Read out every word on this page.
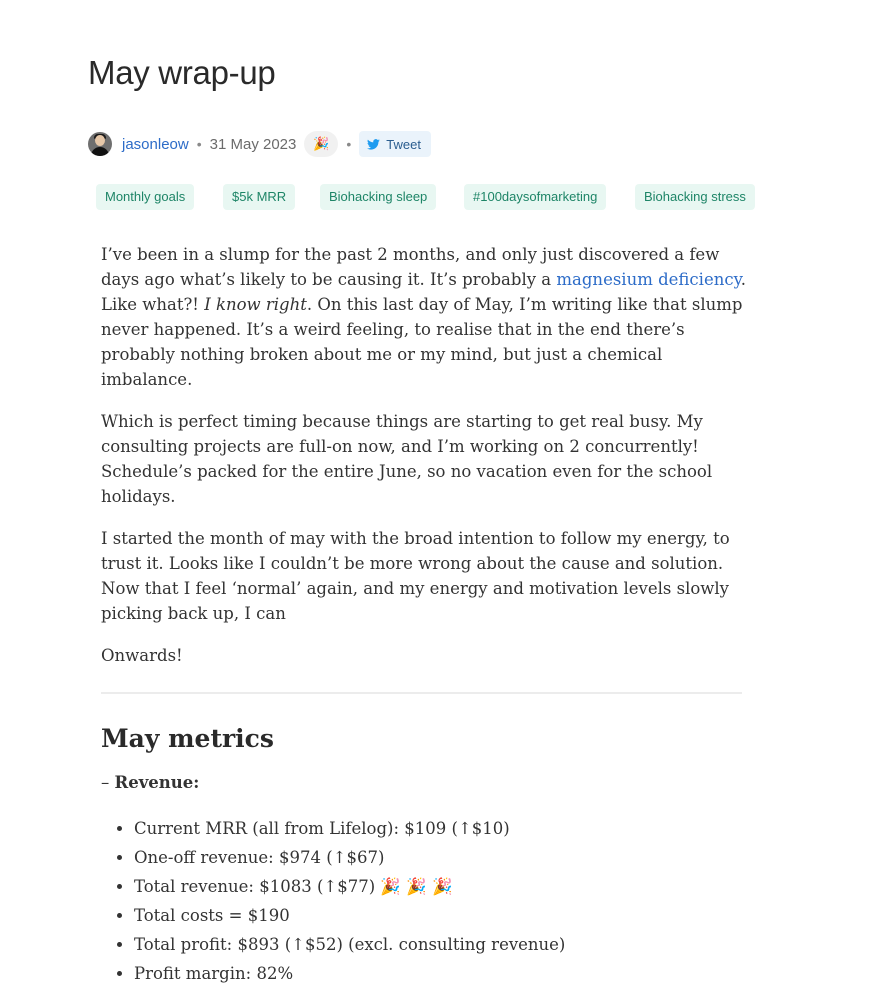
May wrap-up
jasonleow • 31 May 2023 🎉 •	Tweet
Monthly goals	$5k MRR	Biohacking sleep	#100daysofmarketing	Biohacking stress

I’ve been in a slump for the past 2 months, and only just discovered a few days ago what’s likely to be causing it. It’s probably a magnesium deficiency. Like what?! I know right. On this last day of May, I’m writing like that slump never happened. It’s a weird feeling, to realise that in the end there’s probably nothing broken about me or my mind, but just a chemical imbalance.

Which is perfect timing because things are starting to get real busy. My consulting projects are full-on now, and I’m working on 2 concurrently! Schedule’s packed for the entire June, so no vacation even for the school holidays.

I started the month of may with the broad intention to follow my energy, to trust it. Looks like I couldn’t be more wrong about the cause and solution. Now that I feel ‘normal’ again, and my energy and motivation levels slowly picking back up, I can

Onwards!

May metrics
– Revenue:
• Current MRR (all from Lifelog): $109 (↑$10)
• One-off revenue: $974 (↑$67)
• Total revenue: $1083 (↑$77) 🎉 🎉 🎉
• Total costs = $190
• Total profit: $893 (↑$52) (excl. consulting revenue)
• Profit margin: 82%
